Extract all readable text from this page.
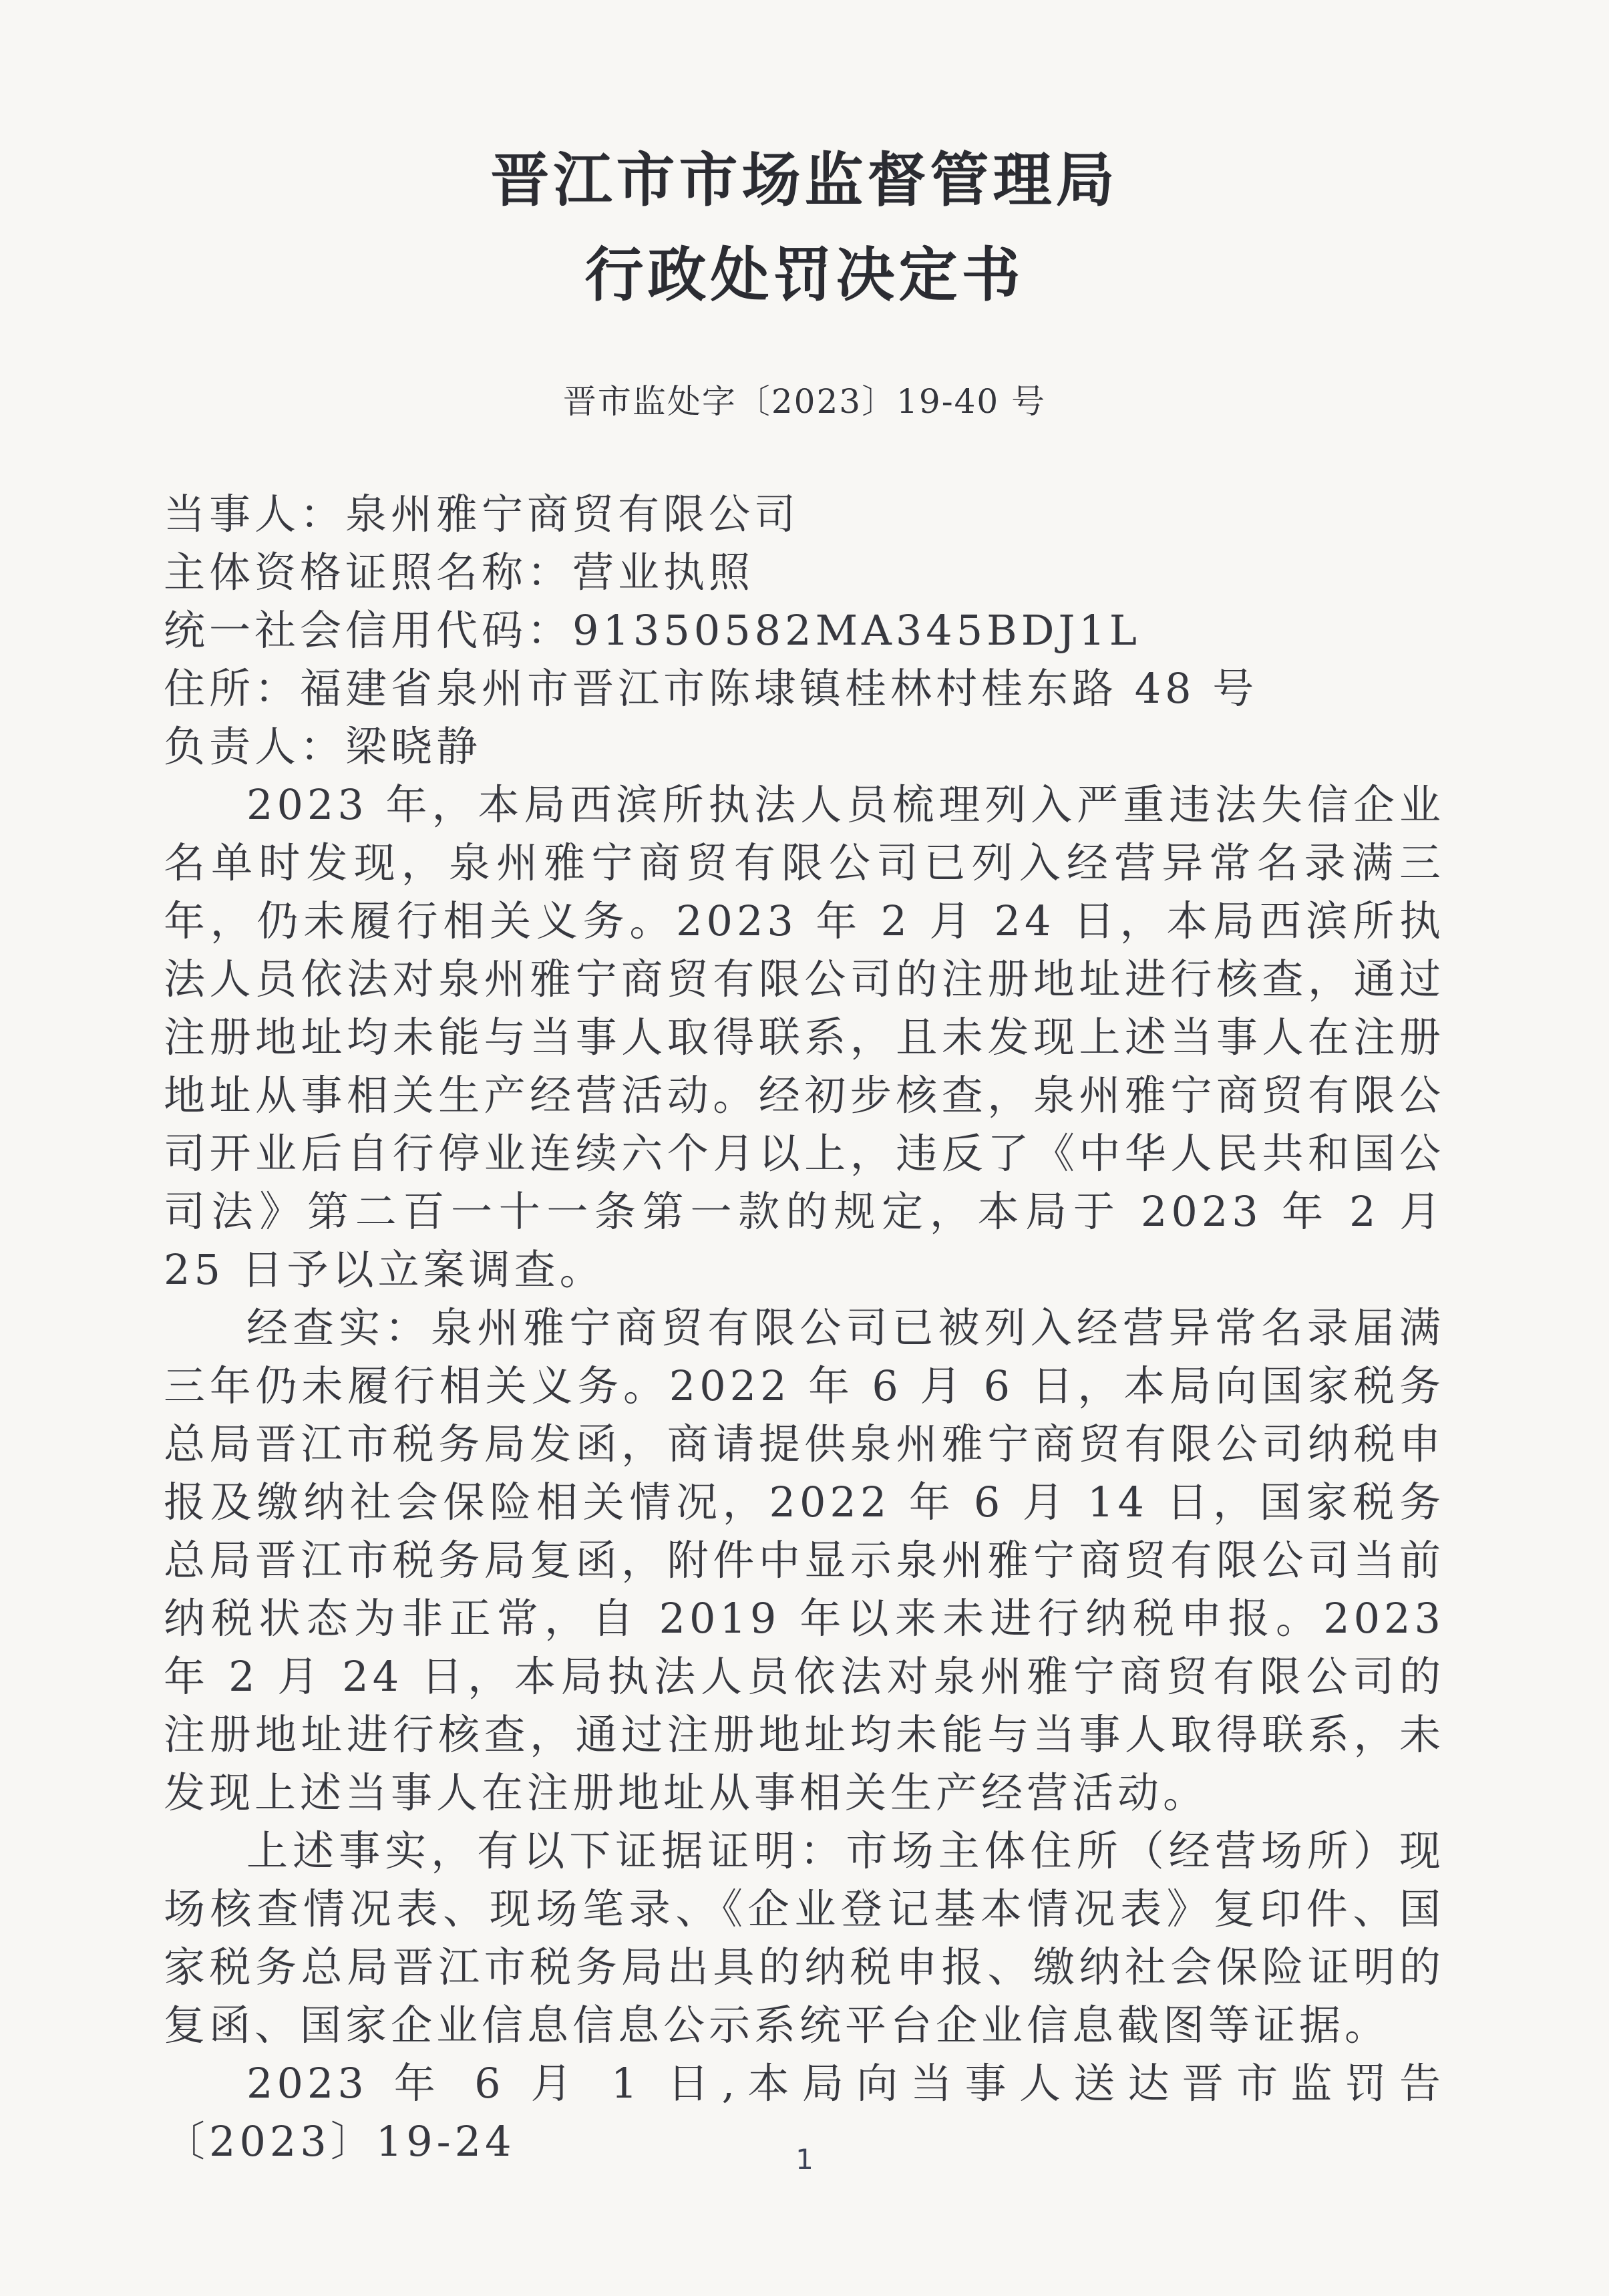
晋江市市场监督管理局
行政处罚决定书
晋市监处字〔2023〕19-40 号

当事人：泉州雅宁商贸有限公司

主体资格证照名称：营业执照

统一社会信用代码：91350582MA345BDJ1L

住所：福建省泉州市晋江市陈埭镇桂林村桂东路 48 号

负责人：梁晓静

2023 年，本局西滨所执法人员梳理列入严重违法失信企业名单时发现，泉州雅宁商贸有限公司已列入经营异常名录满三年，仍未履行相关义务。2023 年 2 月 24 日，本局西滨所执法人员依法对泉州雅宁商贸有限公司的注册地址进行核查，通过注册地址均未能与当事人取得联系，且未发现上述当事人在注册地址从事相关生产经营活动。经初步核查，泉州雅宁商贸有限公司开业后自行停业连续六个月以上，违反了《中华人民共和国公司法》第二百一十一条第一款的规定，本局于 2023 年 2 月 25 日予以立案调查。

经查实：泉州雅宁商贸有限公司已被列入经营异常名录届满三年仍未履行相关义务。2022 年 6 月 6 日，本局向国家税务总局晋江市税务局发函，商请提供泉州雅宁商贸有限公司纳税申报及缴纳社会保险相关情况，2022 年 6 月 14 日，国家税务总局晋江市税务局复函，附件中显示泉州雅宁商贸有限公司当前纳税状态为非正常，自 2019 年以来未进行纳税申报。2023 年 2 月 24 日，本局执法人员依法对泉州雅宁商贸有限公司的注册地址进行核查，通过注册地址均未能与当事人取得联系，未发现上述当事人在注册地址从事相关生产经营活动。

上述事实，有以下证据证明：市场主体住所（经营场所）现场核查情况表、现场笔录、《企业登记基本情况表》复印件、国家税务总局晋江市税务局出具的纳税申报、缴纳社会保险证明的复函、国家企业信息信息公示系统平台企业信息截图等证据。

2023 年 6 月 1 日,本局向当事人送达晋市监罚告〔2023〕19-24	1
